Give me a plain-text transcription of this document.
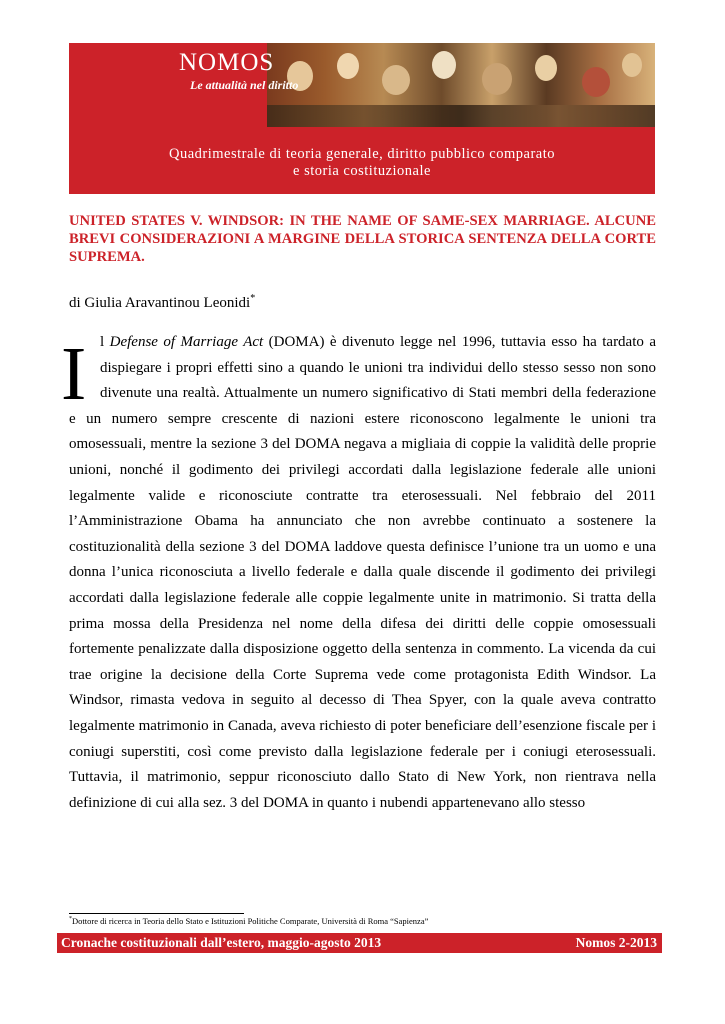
NOMOS
Le attualità nel diritto
Quadrimestrale di teoria generale, diritto pubblico comparato
e storia costituzionale
UNITED STATES V. WINDSOR: IN THE NAME OF SAME-SEX MARRIAGE. ALCUNE BREVI CONSIDERAZIONI A MARGINE DELLA STORICA SENTENZA DELLA CORTE SUPREMA.
di Giulia Aravantinou Leonidi*
I l Defense of Marriage Act (DOMA) è divenuto legge nel 1996, tuttavia esso ha tardato a dispiegare i propri effetti sino a quando le unioni tra individui dello stesso sesso non sono divenute una realtà. Attualmente un numero significativo di Stati membri della federazione e un numero sempre crescente di nazioni estere riconoscono legalmente le unioni tra omosessuali, mentre la sezione 3 del DOMA negava a migliaia di coppie la validità delle proprie unioni, nonché il godimento dei privilegi accordati dalla legislazione federale alle unioni legalmente valide e riconosciute contratte tra eterosessuali. Nel febbraio del 2011 l’Amministrazione Obama ha annunciato che non avrebbe continuato a sostenere la costituzionalità della sezione 3 del DOMA laddove questa definisce l’unione tra un uomo e una donna l’unica riconosciuta a livello federale e dalla quale discende il godimento dei privilegi accordati dalla legislazione federale alle coppie legalmente unite in matrimonio. Si tratta della prima mossa della Presidenza nel nome della difesa dei diritti delle coppie omosessuali fortemente penalizzate dalla disposizione oggetto della sentenza in commento. La vicenda da cui trae origine la decisione della Corte Suprema vede come protagonista Edith Windsor. La Windsor, rimasta vedova in seguito al decesso di Thea Spyer, con la quale aveva contratto legalmente matrimonio in Canada, aveva richiesto di poter beneficiare dell’esenzione fiscale per i coniugi superstiti, così come previsto dalla legislazione federale per i coniugi eterosessuali. Tuttavia, il matrimonio, seppur riconosciuto dallo Stato di New York, non rientrava nella definizione di cui alla sez. 3 del DOMA in quanto i nubendi appartenevano allo stesso
*Dottore di ricerca in Teoria dello Stato e Istituzioni Politiche Comparate, Università di Roma “Sapienza”
Cronache costituzionali dall’estero, maggio-agosto 2013	Nomos 2-2013
